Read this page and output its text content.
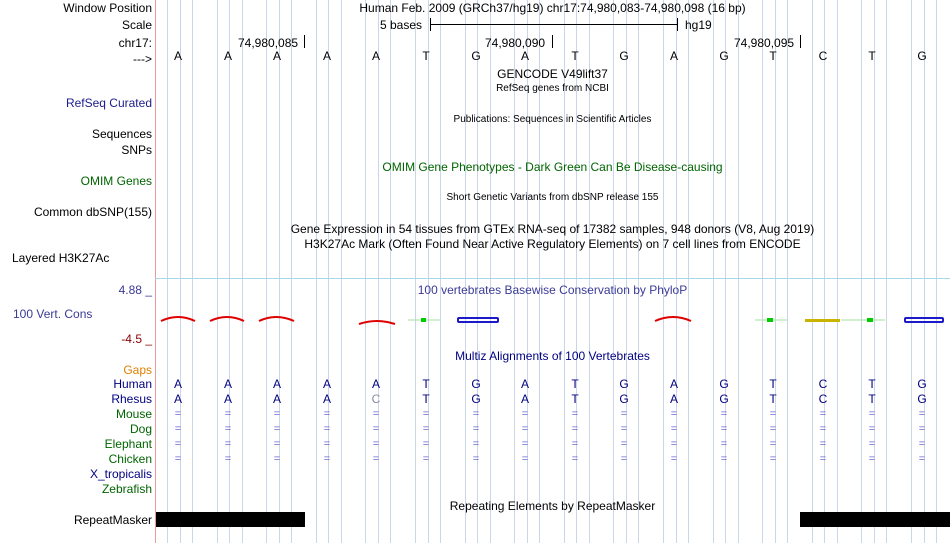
Window Position	Human Feb. 2009 (GRCh37/hg19) chr17:74,980,083-74,980,098 (16 bp)
Scale	5 bases	hg19
chr17:	74,980,085	74,980,090	74,980,095
--->	A	A	A	A	A	T	G	A	T	G	A	G	T	C	T	G
GENCODE V49lift37
RefSeq genes from NCBI
RefSeq Curated
Publications: Sequences in Scientific Articles
Sequences
SNPs
OMIM Gene Phenotypes - Dark Green Can Be Disease-causing
OMIM Genes
Short Genetic Variants from dbSNP release 155
Common dbSNP(155)
Gene Expression in 54 tissues from GTEx RNA-seq of 17382 samples, 948 donors (V8, Aug 2019)
H3K27Ac Mark (Often Found Near Active Regulatory Elements) on 7 cell lines from ENCODE
Layered H3K27Ac
4.88 _	100 vertebrates Basewise Conservation by PhyloP
100 Vert. Cons
-4.5 _
Multiz Alignments of 100 Vertebrates
Gaps
Human	A	A	A	A	A	T	G	A	T	G	A	G	T	C	T	G
Rhesus	A	A	A	A	C	T	G	A	T	G	A	G	T	C	T	G
Mouse	=	=	=	=	=	=	=	=	=	=	=	=	=	=	=	=
Dog	=	=	=	=	=	=	=	=	=	=	=	=	=	=	=	=
Elephant	=	=	=	=	=	=	=	=	=	=	=	=	=	=	=	=
Chicken	=	=	=	=	=	=	=	=	=	=	=	=	=	=	=	=
X_tropicalis
Zebrafish
Repeating Elements by RepeatMasker
RepeatMasker
